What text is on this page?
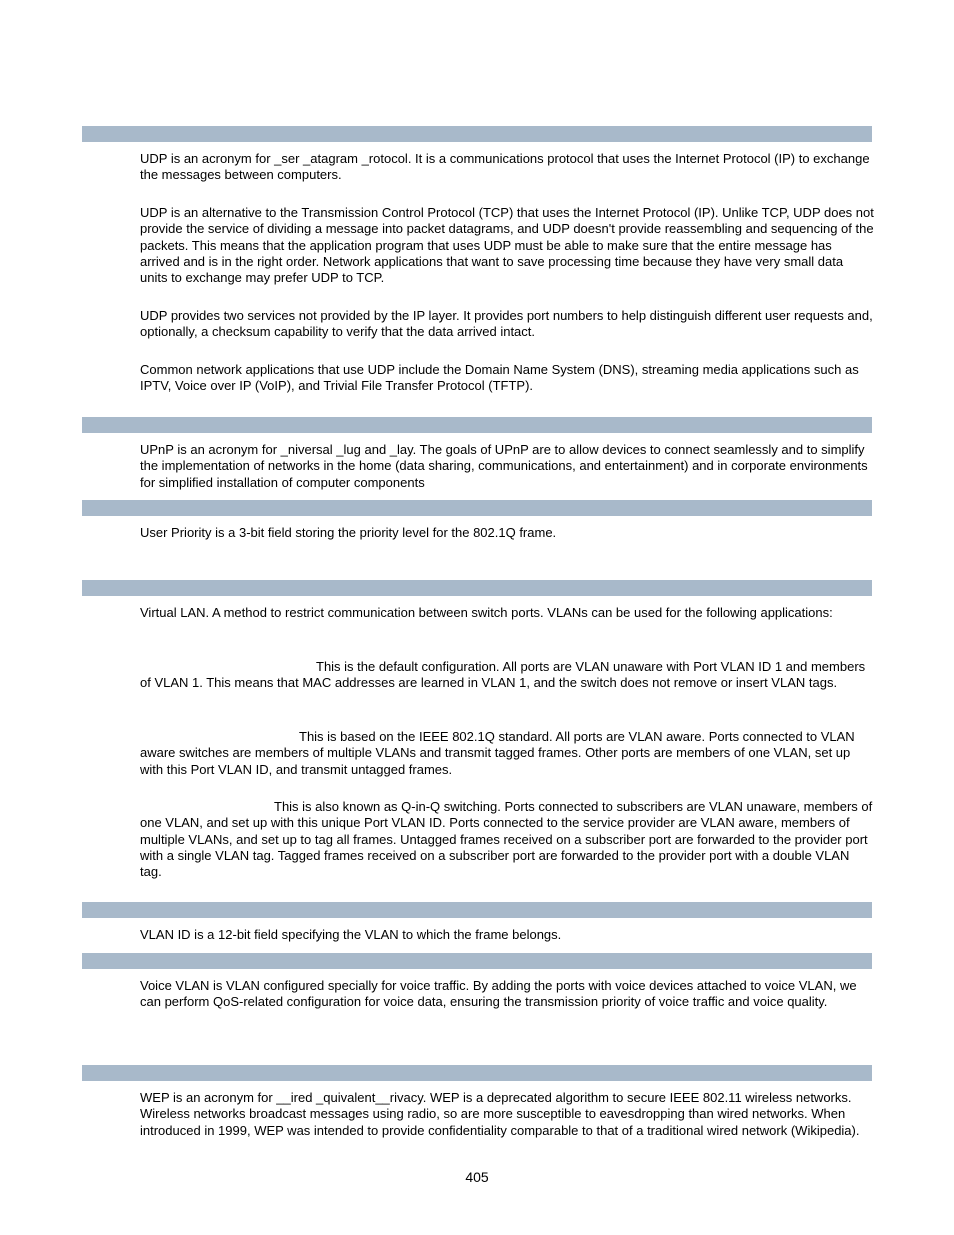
UDP is an acronym for _ser _atagram _rotocol. It is a communications protocol that uses the Internet Protocol (IP) to exchange the messages between computers.

UDP is an alternative to the Transmission Control Protocol (TCP) that uses the Internet Protocol (IP). Unlike TCP, UDP does not provide the service of dividing a message into packet datagrams, and UDP doesn't provide reassembling and sequencing of the packets. This means that the application program that uses UDP must be able to make sure that the entire message has arrived and is in the right order. Network applications that want to save processing time because they have very small data units to exchange may prefer UDP to TCP.

UDP provides two services not provided by the IP layer. It provides port numbers to help distinguish different user requests and, optionally, a checksum capability to verify that the data arrived intact.

Common network applications that use UDP include the Domain Name System (DNS), streaming media applications such as IPTV, Voice over IP (VoIP), and Trivial File Transfer Protocol (TFTP).

UPnP is an acronym for _niversal _lug and _lay. The goals of UPnP are to allow devices to connect seamlessly and to simplify the implementation of networks in the home (data sharing, communications, and entertainment) and in corporate environments for simplified installation of computer components

User Priority is a 3-bit field storing the priority level for the 802.1Q frame.

Virtual LAN. A method to restrict communication between switch ports. VLANs can be used for the following applications:

This is the default configuration. All ports are VLAN unaware with Port VLAN ID 1 and members of VLAN 1. This means that MAC addresses are learned in VLAN 1, and the switch does not remove or insert VLAN tags.

This is based on the IEEE 802.1Q standard. All ports are VLAN aware. Ports connected to VLAN aware switches are members of multiple VLANs and transmit tagged frames. Other ports are members of one VLAN, set up with this Port VLAN ID, and transmit untagged frames.

This is also known as Q-in-Q switching. Ports connected to subscribers are VLAN unaware, members of one VLAN, and set up with this unique Port VLAN ID. Ports connected to the service provider are VLAN aware, members of multiple VLANs, and set up to tag all frames. Untagged frames received on a subscriber port are forwarded to the provider port with a single VLAN tag. Tagged frames received on a subscriber port are forwarded to the provider port with a double VLAN tag.

VLAN ID is a 12-bit field specifying the VLAN to which the frame belongs.

Voice VLAN is VLAN configured specially for voice traffic. By adding the ports with voice devices attached to voice VLAN, we can perform QoS-related configuration for voice data, ensuring the transmission priority of voice traffic and voice quality.

WEP is an acronym for __ired _quivalent__rivacy. WEP is a deprecated algorithm to secure IEEE 802.11 wireless networks. Wireless networks broadcast messages using radio, so are more susceptible to eavesdropping than wired networks. When introduced in 1999, WEP was intended to provide confidentiality comparable to that of a traditional wired network (Wikipedia).

405
